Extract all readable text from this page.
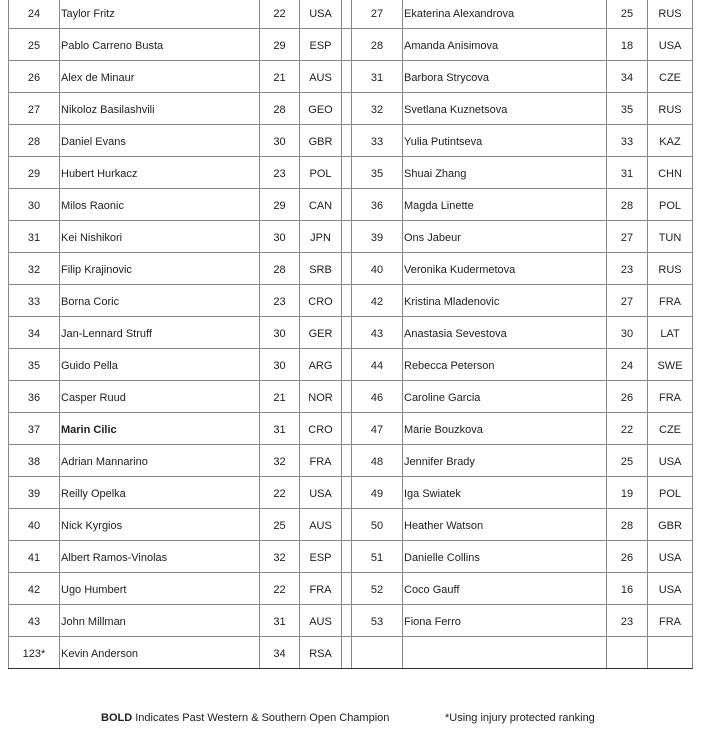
24	Taylor Fritz	22	USA		27	Ekaterina Alexandrova	25	RUS
25	Pablo Carreno Busta	29	ESP		28	Amanda Anisimova	18	USA
26	Alex de Minaur	21	AUS		31	Barbora Strycova	34	CZE
27	Nikoloz Basilashvili	28	GEO		32	Svetlana Kuznetsova	35	RUS
28	Daniel Evans	30	GBR		33	Yulia Putintseva	33	KAZ
29	Hubert Hurkacz	23	POL		35	Shuai Zhang	31	CHN
30	Milos Raonic	29	CAN		36	Magda Linette	28	POL
31	Kei Nishikori	30	JPN		39	Ons Jabeur	27	TUN
32	Filip Krajinovic	28	SRB		40	Veronika Kudermetova	23	RUS
33	Borna Coric	23	CRO		42	Kristina Mladenovic	27	FRA
34	Jan-Lennard Struff	30	GER		43	Anastasia Sevestova	30	LAT
35	Guido Pella	30	ARG		44	Rebecca Peterson	24	SWE
36	Casper Ruud	21	NOR		46	Caroline Garcia	26	FRA
37	Marin Cilic	31	CRO		47	Marie Bouzkova	22	CZE
38	Adrian Mannarino	32	FRA		48	Jennifer Brady	25	USA
39	Reilly Opelka	22	USA		49	Iga Swiatek	19	POL
40	Nick Kyrgios	25	AUS		50	Heather Watson	28	GBR
41	Albert Ramos-Vinolas	32	ESP		51	Danielle Collins	26	USA
42	Ugo Humbert	22	FRA		52	Coco Gauff	16	USA
43	John Millman	31	AUS		53	Fiona Ferro	23	FRA
123*	Kevin Anderson	34	RSA					
BOLD Indicates Past Western & Southern Open Champion	*Using injury protected ranking
